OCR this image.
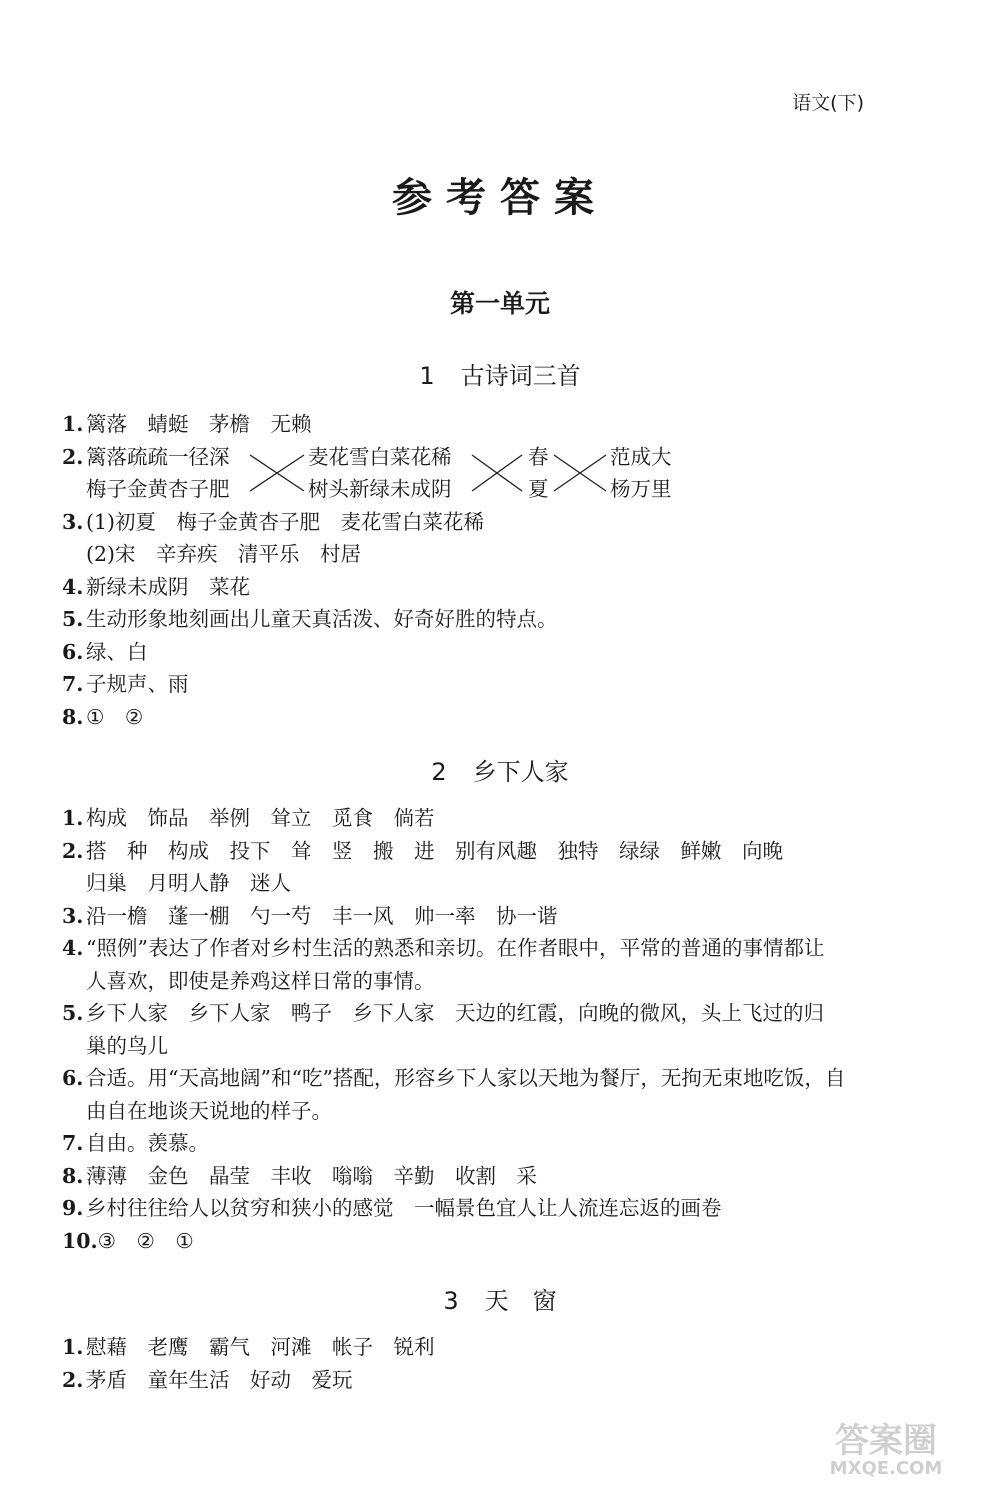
语文(下)
参考答案
第一单元
1 古诗词三首
1. 篱落　蜻蜓　茅檐　无赖
2. 篱落疏疏一径深
梅子金黄杏子肥
麦花雪白菜花稀
树头新绿未成阴
春
夏
范成大
杨万里
3. (1)初夏　梅子金黄杏子肥　麦花雪白菜花稀
(2)宋　辛弃疾　清平乐　村居
4. 新绿未成阴　菜花
5. 生动形象地刻画出儿童天真活泼、好奇好胜的特点。
6. 绿、白
7. 子规声、雨
8. ①　②
2 乡下人家
1. 构成　饰品　举例　耸立　觅食　倘若
2. 搭　种　构成　投下　耸　竖　搬　进　别有风趣　独特　绿绿　鲜嫩　向晚
归巢　月明人静　迷人
3. 沿一檐　蓬一棚　勺一芍　丰一风　帅一率　协一谐
4. “照例”表达了作者对乡村生活的熟悉和亲切。在作者眼中，平常的普通的事情都让
人喜欢，即使是养鸡这样日常的事情。
5. 乡下人家　乡下人家　鸭子　乡下人家　天边的红霞，向晚的微风，头上飞过的归
巢的鸟儿
6. 合适。用“天高地阔”和“吃”搭配，形容乡下人家以天地为餐厅，无拘无束地吃饭，自
由自在地谈天说地的样子。
7. 自由。羡慕。
8. 薄薄　金色　晶莹　丰收　嗡嗡　辛勤　收割　采
9. 乡村往往给人以贫穷和狭小的感觉　一幅景色宜人让人流连忘返的画卷
10.③　②　①
3 天　窗
1. 慰藉　老鹰　霸气　河滩　帐子　锐利
2. 茅盾　童年生活　好动　爱玩
答案圈
MXQE.COM
